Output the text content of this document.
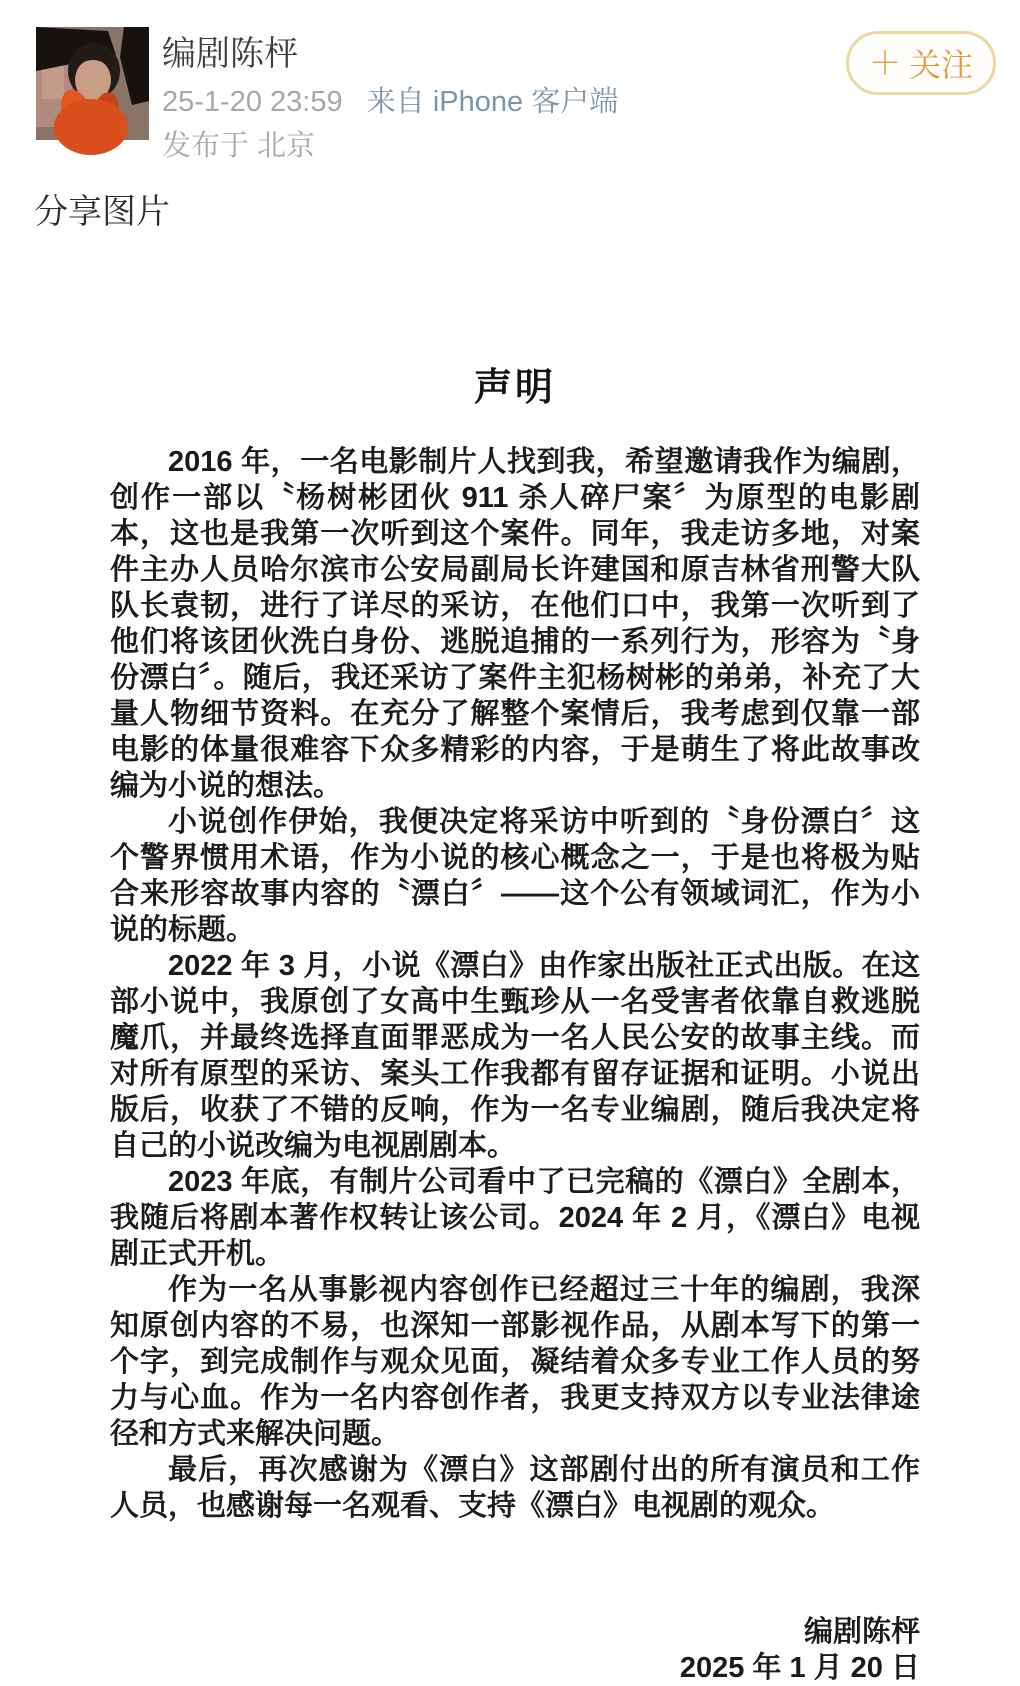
编剧陈枰
25-1-20 23:59 来自 iPhone 客户端
发布于 北京
＋ 关注
分享图片
声明

2016 年，一名电影制片人找到我，希望邀请我作为编剧，创作一部以〝杨树彬团伙 911 杀人碎尸案〞为原型的电影剧本，这也是我第一次听到这个案件。同年，我走访多地，对案件主办人员哈尔滨市公安局副局长许建国和原吉林省刑警大队队长袁韧，进行了详尽的采访，在他们口中，我第一次听到了他们将该团伙洗白身份、逃脱追捕的一系列行为，形容为〝身份漂白〞。随后，我还采访了案件主犯杨树彬的弟弟，补充了大量人物细节资料。在充分了解整个案情后，我考虑到仅靠一部电影的体量很难容下众多精彩的内容，于是萌生了将此故事改编为小说的想法。

小说创作伊始，我便决定将采访中听到的〝身份漂白〞这个警界惯用术语，作为小说的核心概念之一，于是也将极为贴合来形容故事内容的〝漂白〞——这个公有领域词汇，作为小说的标题。

2022 年 3 月，小说《漂白》由作家出版社正式出版。在这部小说中，我原创了女高中生甄珍从一名受害者依靠自救逃脱魔爪，并最终选择直面罪恶成为一名人民公安的故事主线。而对所有原型的采访、案头工作我都有留存证据和证明。小说出版后，收获了不错的反响，作为一名专业编剧，随后我决定将自己的小说改编为电视剧剧本。

2023 年底，有制片公司看中了已完稿的《漂白》全剧本，我随后将剧本著作权转让该公司。2024 年 2 月，《漂白》电视剧正式开机。

作为一名从事影视内容创作已经超过三十年的编剧，我深知原创内容的不易，也深知一部影视作品，从剧本写下的第一个字，到完成制作与观众见面，凝结着众多专业工作人员的努力与心血。作为一名内容创作者，我更支持双方以专业法律途径和方式来解决问题。

最后，再次感谢为《漂白》这部剧付出的所有演员和工作人员，也感谢每一名观看、支持《漂白》电视剧的观众。

编剧陈枰
2025 年 1 月 20 日
